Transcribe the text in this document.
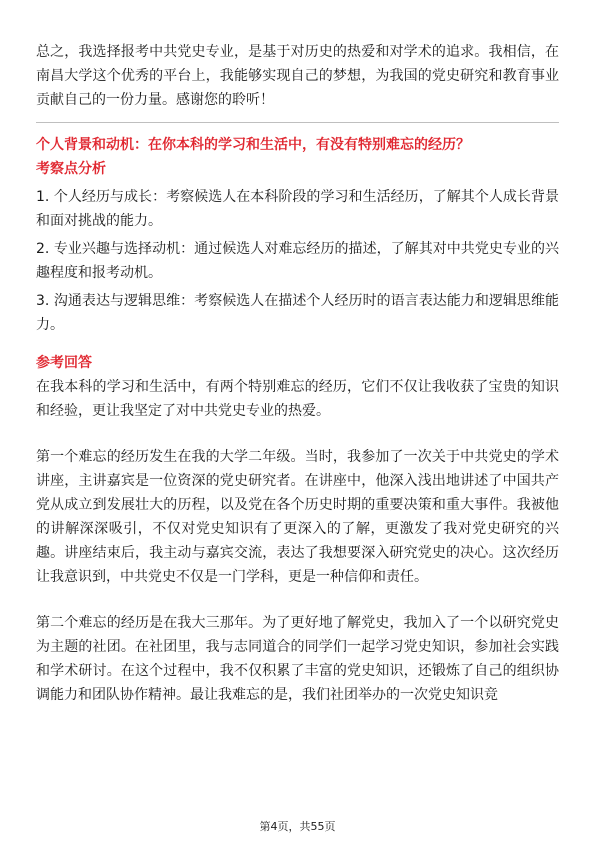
总之，我选择报考中共党史专业，是基于对历史的热爱和对学术的追求。我相信，在南昌大学这个优秀的平台上，我能够实现自己的梦想，为我国的党史研究和教育事业贡献自己的一份力量。感谢您的聆听！

个人背景和动机：在你本科的学习和生活中，有没有特别难忘的经历？

考察点分析

1. 个人经历与成长：考察候选人在本科阶段的学习和生活经历，了解其个人成长背景和面对挑战的能力。

2. 专业兴趣与选择动机：通过候选人对难忘经历的描述，了解其对中共党史专业的兴趣程度和报考动机。

3. 沟通表达与逻辑思维：考察候选人在描述个人经历时的语言表达能力和逻辑思维能力。

参考回答

在我本科的学习和生活中，有两个特别难忘的经历，它们不仅让我收获了宝贵的知识和经验，更让我坚定了对中共党史专业的热爱。

第一个难忘的经历发生在我的大学二年级。当时，我参加了一次关于中共党史的学术讲座，主讲嘉宾是一位资深的党史研究者。在讲座中，他深入浅出地讲述了中国共产党从成立到发展壮大的历程，以及党在各个历史时期的重要决策和重大事件。我被他的讲解深深吸引，不仅对党史知识有了更深入的了解，更激发了我对党史研究的兴趣。讲座结束后，我主动与嘉宾交流，表达了我想要深入研究党史的决心。这次经历让我意识到，中共党史不仅是一门学科，更是一种信仰和责任。

第二个难忘的经历是在我大三那年。为了更好地了解党史，我加入了一个以研究党史为主题的社团。在社团里，我与志同道合的同学们一起学习党史知识，参加社会实践和学术研讨。在这个过程中，我不仅积累了丰富的党史知识，还锻炼了自己的组织协调能力和团队协作精神。最让我难忘的是，我们社团举办的一次党史知识竞

第4页，共55页
